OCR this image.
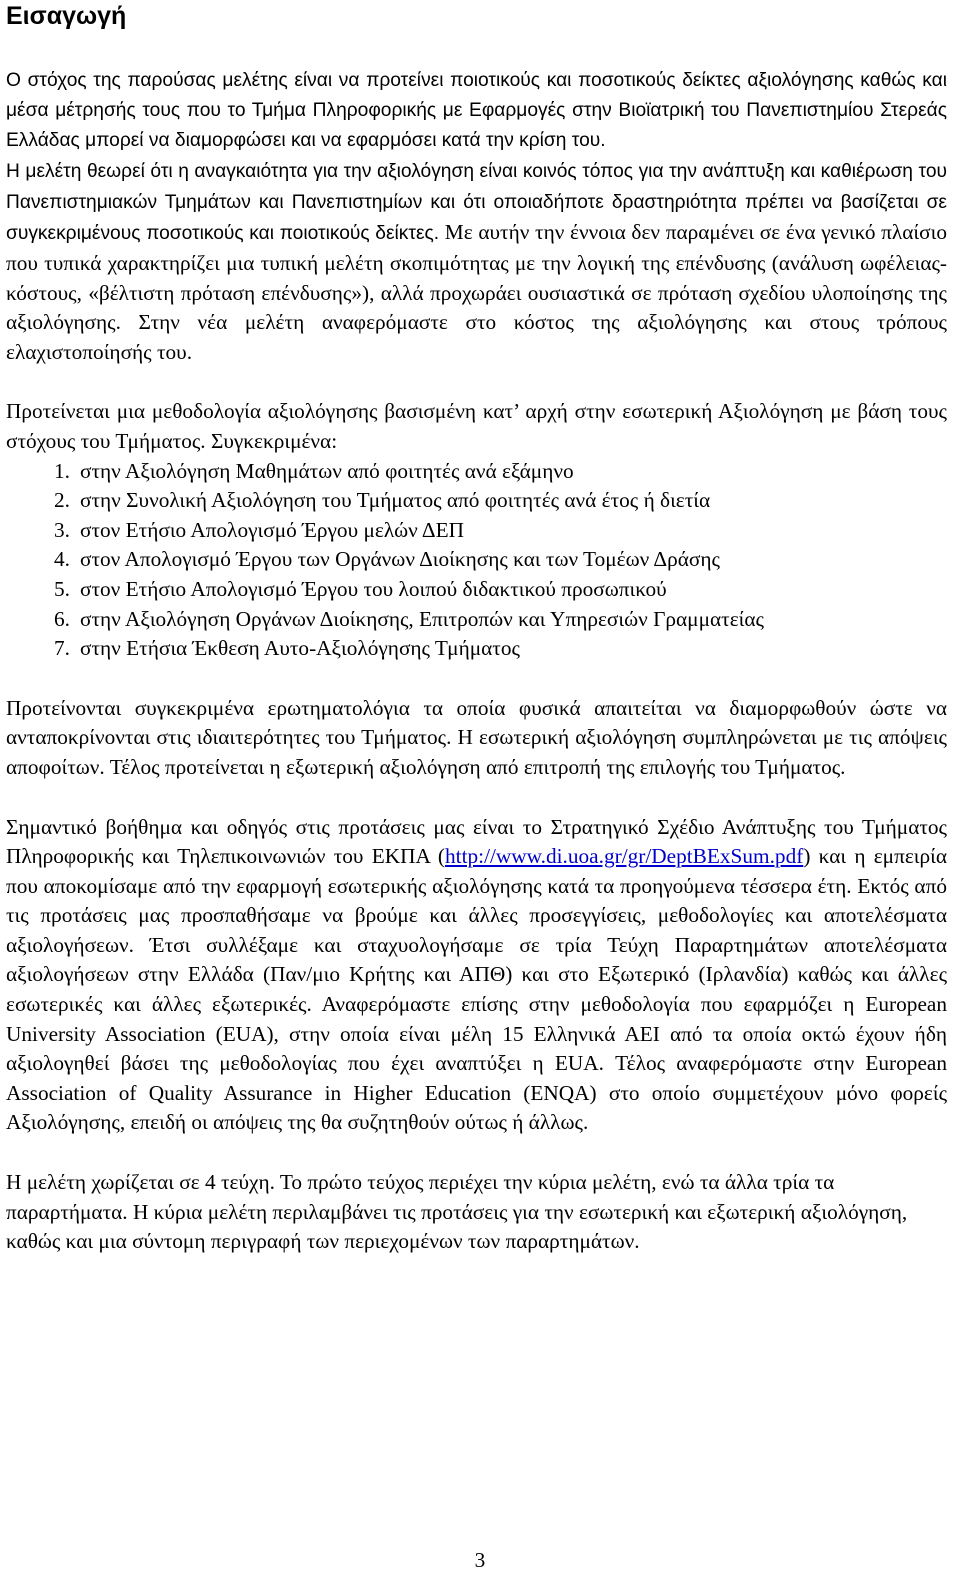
Εισαγωγή

Ο στόχος της παρούσας μελέτης είναι να προτείνει ποιοτικούς και ποσοτικούς δείκτες αξιολόγησης καθώς και μέσα μέτρησής τους που το Τμήμα Πληροφορικής με Εφαρμογές στην Βιοϊατρική του Πανεπιστημίου Στερεάς Ελλάδας μπορεί να διαμορφώσει και να εφαρμόσει κατά την κρίση του.

Η μελέτη θεωρεί ότι η αναγκαιότητα για την αξιολόγηση είναι κοινός τόπος για την ανάπτυξη και καθιέρωση του Πανεπιστημιακών Τμημάτων και Πανεπιστημίων και ότι οποιαδήποτε δραστηριότητα πρέπει να βασίζεται σε συγκεκριμένους ποσοτικούς και ποιοτικούς δείκτες. Με αυτήν την έννοια δεν παραμένει σε ένα γενικό πλαίσιο που τυπικά χαρακτηρίζει μια τυπική μελέτη σκοπιμότητας με την λογική της επένδυσης (ανάλυση ωφέλειας-κόστους, «βέλτιστη πρόταση επένδυσης»), αλλά προχωράει ουσιαστικά σε πρόταση σχεδίου υλοποίησης της αξιολόγησης. Στην νέα μελέτη αναφερόμαστε στο κόστος της αξιολόγησης και στους τρόπους ελαχιστοποίησής του.

Προτείνεται μια μεθοδολογία αξιολόγησης βασισμένη κατ’ αρχή στην εσωτερική Αξιολόγηση με βάση τους στόχους του Τμήματος. Συγκεκριμένα:

1. στην Αξιολόγηση Μαθημάτων από φοιτητές ανά εξάμηνο
2. στην Συνολική Αξιολόγηση του Τμήματος από φοιτητές ανά έτος ή διετία
3. στον Ετήσιο Απολογισμό Έργου μελών ΔΕΠ
4. στον Απολογισμό Έργου των Οργάνων Διοίκησης και των Τομέων Δράσης
5. στον Ετήσιο Απολογισμό Έργου του λοιπού διδακτικού προσωπικού
6. στην Αξιολόγηση Οργάνων Διοίκησης, Επιτροπών και Υπηρεσιών Γραμματείας
7. στην Ετήσια Έκθεση Αυτο-Αξιολόγησης Τμήματος

Προτείνονται συγκεκριμένα ερωτηματολόγια τα οποία φυσικά απαιτείται να διαμορφωθούν ώστε να ανταποκρίνονται στις ιδιαιτερότητες του Τμήματος. Η εσωτερική αξιολόγηση συμπληρώνεται με τις απόψεις αποφοίτων. Τέλος προτείνεται η εξωτερική αξιολόγηση από επιτροπή της επιλογής του Τμήματος.

Σημαντικό βοήθημα και οδηγός στις προτάσεις μας είναι το Στρατηγικό Σχέδιο Ανάπτυξης του Τμήματος Πληροφορικής και Τηλεπικοινωνιών του ΕΚΠΑ (http://www.di.uoa.gr/gr/DeptBExSum.pdf) και η εμπειρία που αποκομίσαμε από την εφαρμογή εσωτερικής αξιολόγησης κατά τα προηγούμενα τέσσερα έτη. Εκτός από τις προτάσεις μας προσπαθήσαμε να βρούμε και άλλες προσεγγίσεις, μεθοδολογίες και αποτελέσματα αξιολογήσεων. Έτσι συλλέξαμε και σταχυολογήσαμε σε τρία Τεύχη Παραρτημάτων αποτελέσματα αξιολογήσεων στην Ελλάδα (Παν/μιο Κρήτης και ΑΠΘ) και στο Εξωτερικό (Ιρλανδία) καθώς και άλλες εσωτερικές και άλλες εξωτερικές. Αναφερόμαστε επίσης στην μεθοδολογία που εφαρμόζει η European University Association (EUA), στην οποία είναι μέλη 15 Ελληνικά ΑΕΙ από τα οποία οκτώ έχουν ήδη αξιολογηθεί βάσει της μεθοδολογίας που έχει αναπτύξει η EUA. Τέλος αναφερόμαστε στην European Association of Quality Assurance in Higher Education (ENQA) στο οποίο συμμετέχουν μόνο φορείς Αξιολόγησης, επειδή οι απόψεις της θα συζητηθούν ούτως ή άλλως.

Η μελέτη χωρίζεται σε 4 τεύχη. Το πρώτο τεύχος περιέχει την κύρια μελέτη, ενώ τα άλλα τρία τα παραρτήματα. Η κύρια μελέτη περιλαμβάνει τις προτάσεις για την εσωτερική και εξωτερική αξιολόγηση, καθώς και μια σύντομη περιγραφή των περιεχομένων των παραρτημάτων.

3
